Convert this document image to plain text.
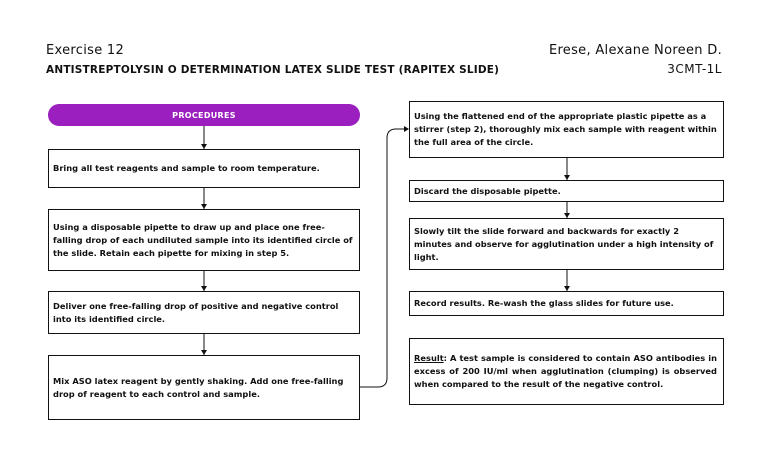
Exercise 12
ANTISTREPTOLYSIN O DETERMINATION LATEX SLIDE TEST (RAPITEX SLIDE)
Erese, Alexane Noreen D.
3CMT-1L
PROCEDURES
Bring all test reagents and sample to room temperature.
Using a disposable pipette to draw up and place one free-falling drop of each undiluted sample into its identified circle of the slide. Retain each pipette for mixing in step 5.
Deliver one free-falling drop of positive and negative control into its identified circle.
Mix ASO latex reagent by gently shaking. Add one free-falling drop of reagent to each control and sample.
Using the flattened end of the appropriate plastic pipette as a stirrer (step 2), thoroughly mix each sample with reagent within the full area of the circle.
Discard the disposable pipette.
Slowly tilt the slide forward and backwards for exactly 2 minutes and observe for agglutination under a high intensity of light.
Record results. Re-wash the glass slides for future use.
Result: A test sample is considered to contain ASO antibodies in excess of 200 IU/ml when agglutination (clumping) is observed when compared to the result of the negative control.
